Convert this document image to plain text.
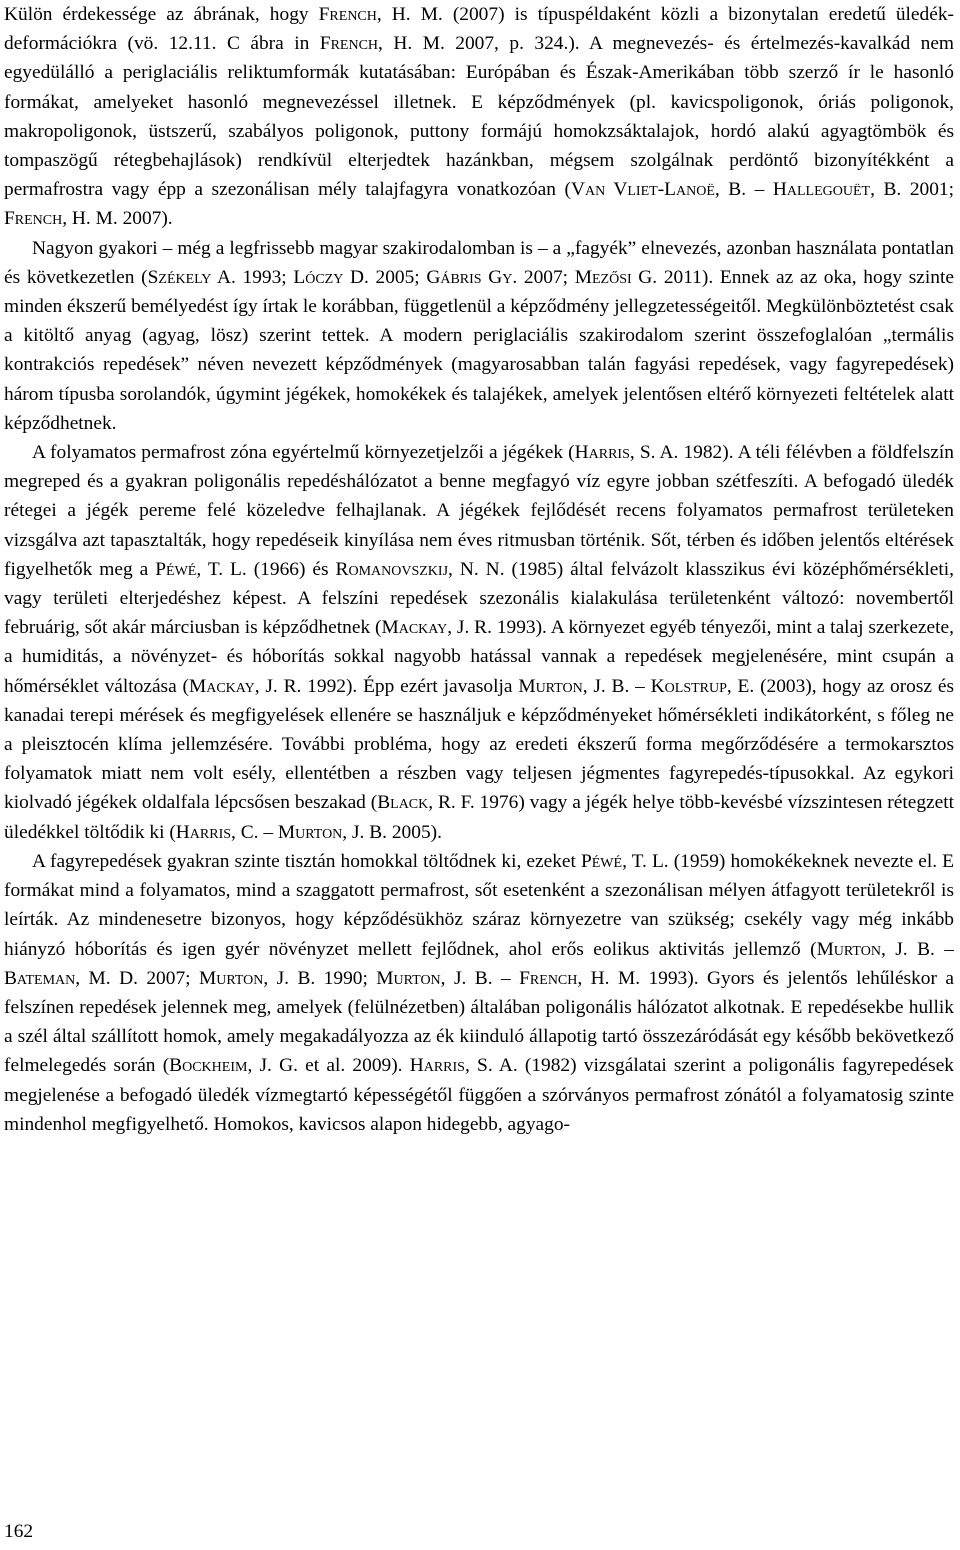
Külön érdekessége az ábrának, hogy French, H. M. (2007) is típuspéldaként közli a bizonytalan eredetű üledék-deformációkra (vö. 12.11. C ábra in French, H. M. 2007, p. 324.). A megnevezés- és értelmezés-kavalkád nem egyedülálló a periglaciális reliktumformák kutatásában: Európában és Észak-Amerikában több szerző ír le hasonló formákat, amelyeket hasonló megnevezéssel illetnek. E képződmények (pl. kavicspoligonok, óriás poligonok, makropoligonok, üstszerű, szabályos poligonok, puttony formájú homokzsáktalajok, hordó alakú agyagtömbök és tompaszögű rétegbehajlások) rendkívül elterjedtek hazánkban, mégsem szolgálnak perdöntő bizonyítékként a permafrostra vagy épp a szezonálisan mély talajfagyra vonatkozóan (Van Vliet-Lanoë, B. – Hallegouët, B. 2001; French, H. M. 2007).

Nagyon gyakori – még a legfrissebb magyar szakirodalomban is – a „fagyék” elnevezés, azonban használata pontatlan és következetlen (Székely A. 1993; Lóczy D. 2005; Gábris Gy. 2007; Mezősi G. 2011). Ennek az az oka, hogy szinte minden ékszerű bemélyedést így írtak le korábban, függetlenül a képződmény jellegzetességeitől. Megkülönböztetést csak a kitöltő anyag (agyag, lösz) szerint tettek. A modern periglaciális szakirodalom szerint összefoglalóan „termális kontrakciós repedések” néven nevezett képződmények (magyarosabban talán fagyási repedések, vagy fagyrepedések) három típusba sorolandók, úgymint jégékek, homokékek és talajékek, amelyek jelentősen eltérő környezeti feltételek alatt képződhetnek.

A folyamatos permafrost zóna egyértelmű környezetjelzői a jégékek (Harris, S. A. 1982). A téli félévben a földfelszín megreped és a gyakran poligonális repedéshálózatot a benne megfagyó víz egyre jobban szétfeszíti. A befogadó üledék rétegei a jégék pereme felé közeledve felhajlanak. A jégékek fejlődését recens folyamatos permafrost területeken vizsgálva azt tapasztalták, hogy repedéseik kinyílása nem éves ritmusban történik. Sőt, térben és időben jelentős eltérések figyelhetők meg a Péwé, T. L. (1966) és Romanovszkij, N. N. (1985) által felvázolt klasszikus évi középhőmérsékleti, vagy területi elterjedéshez képest. A felszíni repedések szezonális kialakulása területenként változó: novembertől februárig, sőt akár márciusban is képződhetnek (Mackay, J. R. 1993). A környezet egyéb tényezői, mint a talaj szerkezete, a humiditás, a növényzet- és hóborítás sokkal nagyobb hatással vannak a repedések megjelenésére, mint csupán a hőmérséklet változása (Mackay, J. R. 1992). Épp ezért javasolja Murton, J. B. – Kolstrup, E. (2003), hogy az orosz és kanadai terepi mérések és megfigyelések ellenére se használjuk e képződményeket hőmérsékleti indikátorként, s főleg ne a pleisztocén klíma jellemzésére. További probléma, hogy az eredeti ékszerű forma megőrződésére a termokarsztos folyamatok miatt nem volt esély, ellentétben a részben vagy teljesen jégmentes fagyrepedés-típusokkal. Az egykori kiolvadó jégékek oldalfala lépcsősen beszakad (Black, R. F. 1976) vagy a jégék helye több-kevésbé vízszintesen rétegzett üledékkel töltődik ki (Harris, C. – Murton, J. B. 2005).

A fagyrepedések gyakran szinte tisztán homokkal töltődnek ki, ezeket Péwé, T. L. (1959) homokékeknek nevezte el. E formákat mind a folyamatos, mind a szaggatott permafrost, sőt esetenként a szezonálisan mélyen átfagyott területekről is leírták. Az mindenesetre bizonyos, hogy képződésükhöz száraz környezetre van szükség; csekély vagy még inkább hiányzó hóborítás és igen gyér növényzet mellett fejlődnek, ahol erős eolikus aktivitás jellemző (Murton, J. B. – Bateman, M. D. 2007; Murton, J. B. 1990; Murton, J. B. – French, H. M. 1993). Gyors és jelentős lehűléskor a felszínen repedések jelennek meg, amelyek (felülnézetben) általában poligonális hálózatot alkotnak. E repedésekbe hullik a szél által szállított homok, amely megakadályozza az ék kiinduló állapotig tartó összezáródását egy később bekövetkező felmelegedés során (Bockheim, J. G. et al. 2009). Harris, S. A. (1982) vizsgálatai szerint a poligonális fagyrepedések megjelenése a befogadó üledék vízmegtartó képességétől függően a szórványos permafrost zónától a folyamatosig szinte mindenhol megfigyelhető. Homokos, kavicsos alapon hidegebb, agyago-

162
